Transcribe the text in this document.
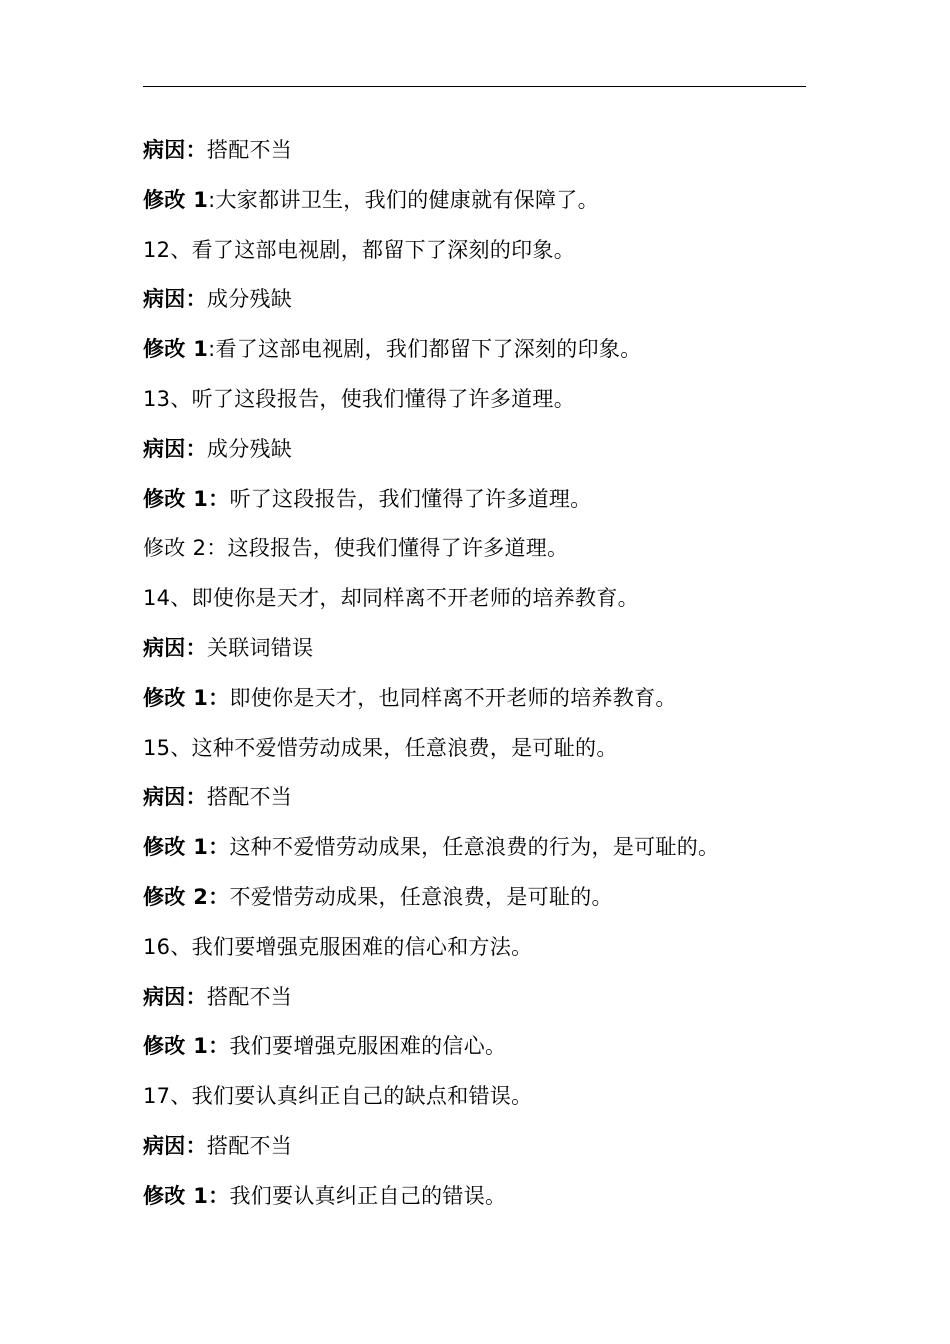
病因：搭配不当
修改 1:大家都讲卫生，我们的健康就有保障了。
12、看了这部电视剧，都留下了深刻的印象。
病因：成分残缺
修改 1:看了这部电视剧，我们都留下了深刻的印象。
13、听了这段报告，使我们懂得了许多道理。
病因：成分残缺
修改 1：听了这段报告，我们懂得了许多道理。
修改 2：这段报告，使我们懂得了许多道理。
14、即使你是天才，却同样离不开老师的培养教育。
病因：关联词错误
修改 1：即使你是天才，也同样离不开老师的培养教育。
15、这种不爱惜劳动成果，任意浪费，是可耻的。
病因：搭配不当
修改 1：这种不爱惜劳动成果，任意浪费的行为，是可耻的。
修改 2：不爱惜劳动成果，任意浪费，是可耻的。
16、我们要增强克服困难的信心和方法。
病因：搭配不当
修改 1：我们要增强克服困难的信心。
17、我们要认真纠正自己的缺点和错误。
病因：搭配不当
修改 1：我们要认真纠正自己的错误。
